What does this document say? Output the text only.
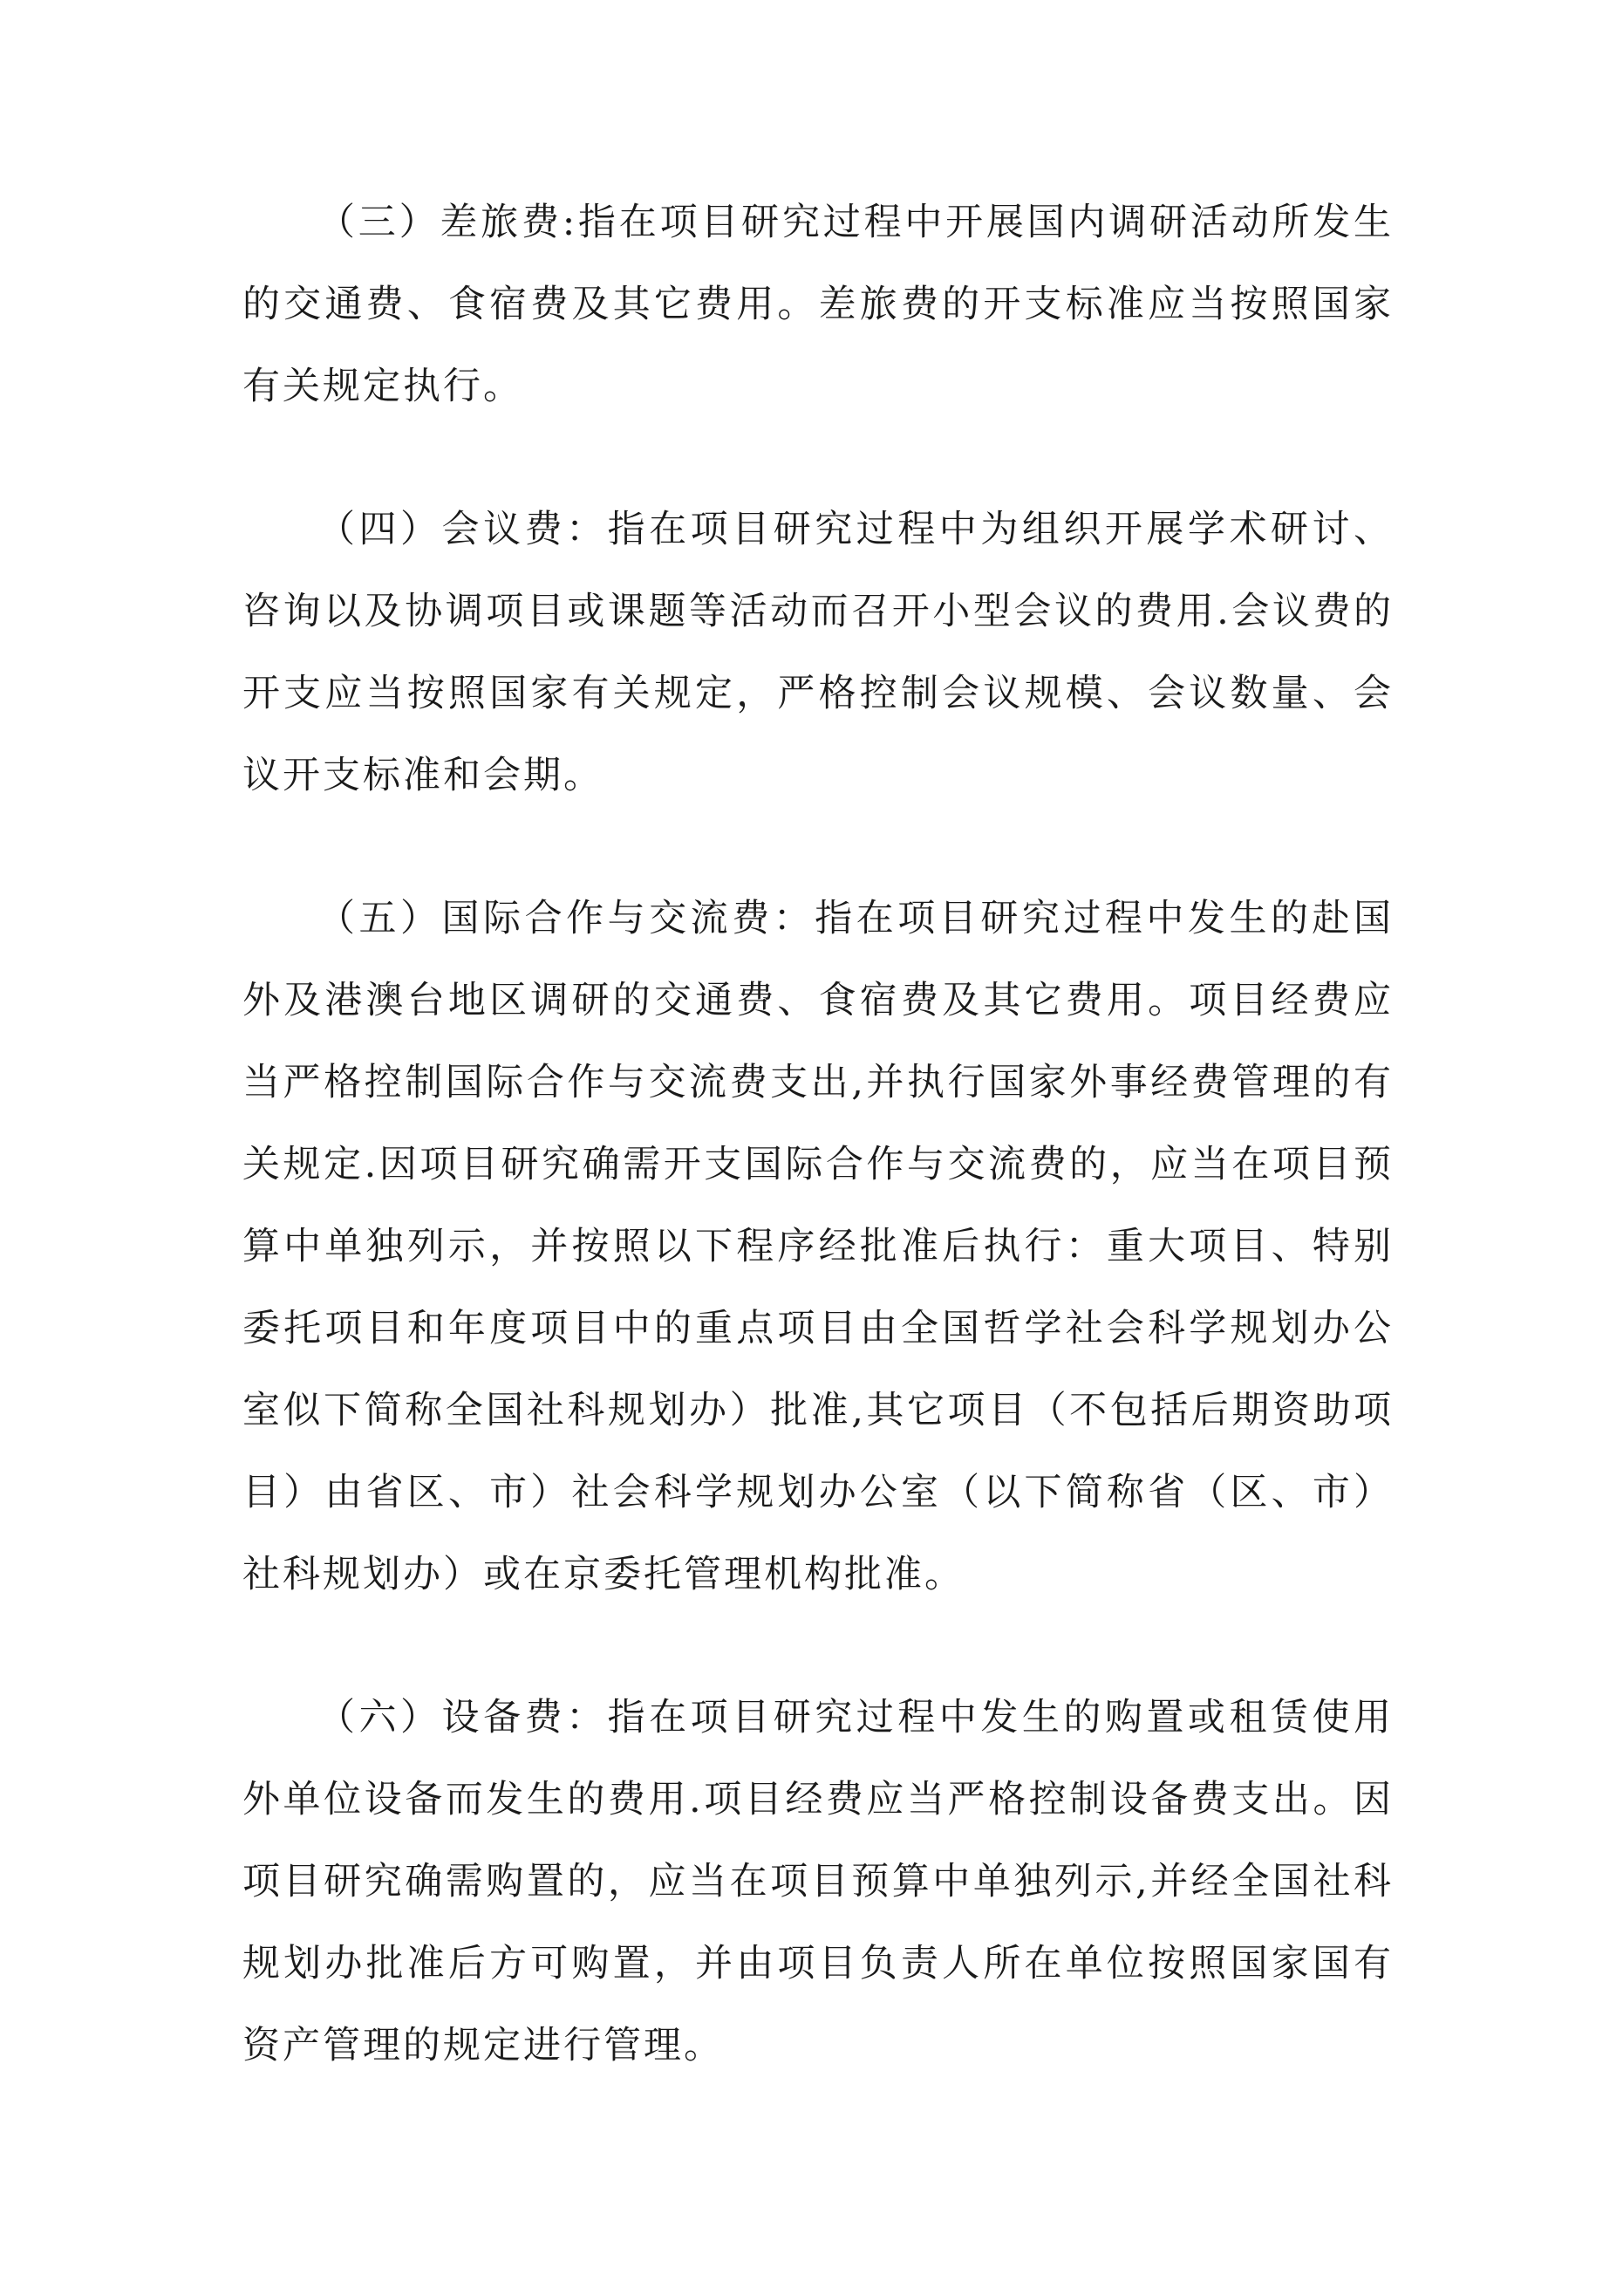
（三）差旅费:指在项目研究过程中开展国内调研活动所发生的交通费、食宿费及其它费用。差旅费的开支标准应当按照国家有关规定执行。

（四）会议费：指在项目研究过程中为组织开展学术研讨、咨询以及协调项目或课题等活动而召开小型会议的费用.会议费的开支应当按照国家有关规定，严格控制会议规模、会议数量、会议开支标准和会期。

（五）国际合作与交流费：指在项目研究过程中发生的赴国外及港澳台地区调研的交通费、食宿费及其它费用。项目经费应当严格控制国际合作与交流费支出,并执行国家外事经费管理的有关规定.因项目研究确需开支国际合作与交流费的，应当在项目预算中单独列示，并按照以下程序经批准后执行：重大项目、特别委托项目和年度项目中的重点项目由全国哲学社会科学规划办公室似下简称全国社科规划办）批准,其它项目（不包括后期资助项目）由省区、市）社会科学规划办公室（以下简称省（区、市）社科规划办）或在京委托管理机构批准。

（六）设备费：指在项目研究过程中发生的购置或租赁使用外单位设备而发生的费用.项目经费应当严格控制设备费支出。因项目研究确需购置的，应当在项目预算中单独列示,并经全国社科规划办批准后方可购置，并由项目负责人所在单位按照国家国有资产管理的规定进行管理。
